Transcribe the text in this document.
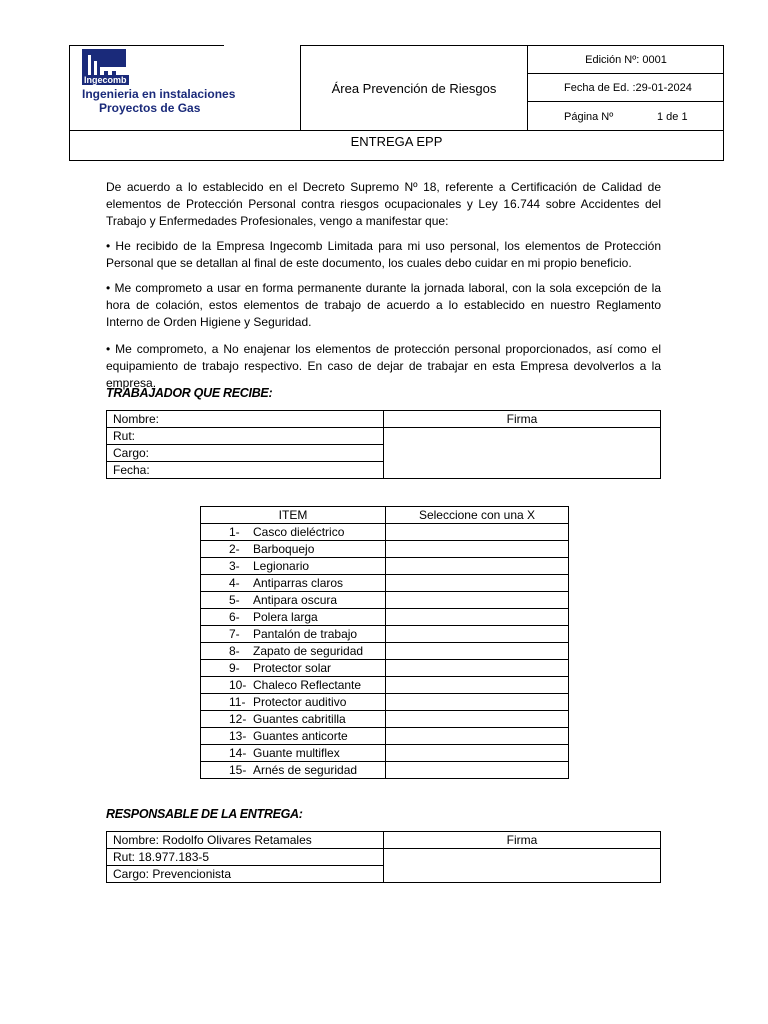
Ingecomb
Ingenieria en instalaciones
Proyectos de Gas
Área Prevención de Riesgos
Edición Nº: 0001
Fecha de Ed. :29-01-2024
Página Nº	1 de 1
ENTREGA EPP
De acuerdo a lo establecido en el Decreto Supremo Nº 18, referente a Certificación de Calidad de elementos de Protección Personal contra riesgos ocupacionales y Ley 16.744 sobre Accidentes del Trabajo y Enfermedades Profesionales, vengo a manifestar que:
• He recibido de la Empresa Ingecomb Limitada para mi uso personal, los elementos de Protección Personal que se detallan al final de este documento, los cuales debo cuidar en mi propio beneficio.
• Me comprometo a usar en forma permanente durante la jornada laboral, con la sola excepción de la hora de colación, estos elementos de trabajo de acuerdo a lo establecido en nuestro Reglamento Interno de Orden Higiene y Seguridad.
• Me comprometo, a No enajenar los elementos de protección personal proporcionados, así como el equipamiento de trabajo respectivo. En caso de dejar de trabajar en esta Empresa devolverlos a la empresa.
TRABAJADOR QUE RECIBE:
Nombre:	Firma
Rut:	
Cargo:	
Fecha:	
ITEM	Seleccione con una X
1- Casco dieléctrico	
2- Barboquejo	
3- Legionario	
4- Antiparras claros	
5- Antipara oscura	
6- Polera larga	
7- Pantalón de trabajo	
8- Zapato de seguridad	
9- Protector solar	
10- Chaleco Reflectante	
11- Protector auditivo	
12- Guantes cabritilla	
13- Guantes anticorte	
14- Guante multiflex	
15- Arnés de seguridad	
RESPONSABLE DE LA ENTREGA:
Nombre: Rodolfo Olivares Retamales	Firma
Rut: 18.977.183-5	
Cargo: Prevencionista	
